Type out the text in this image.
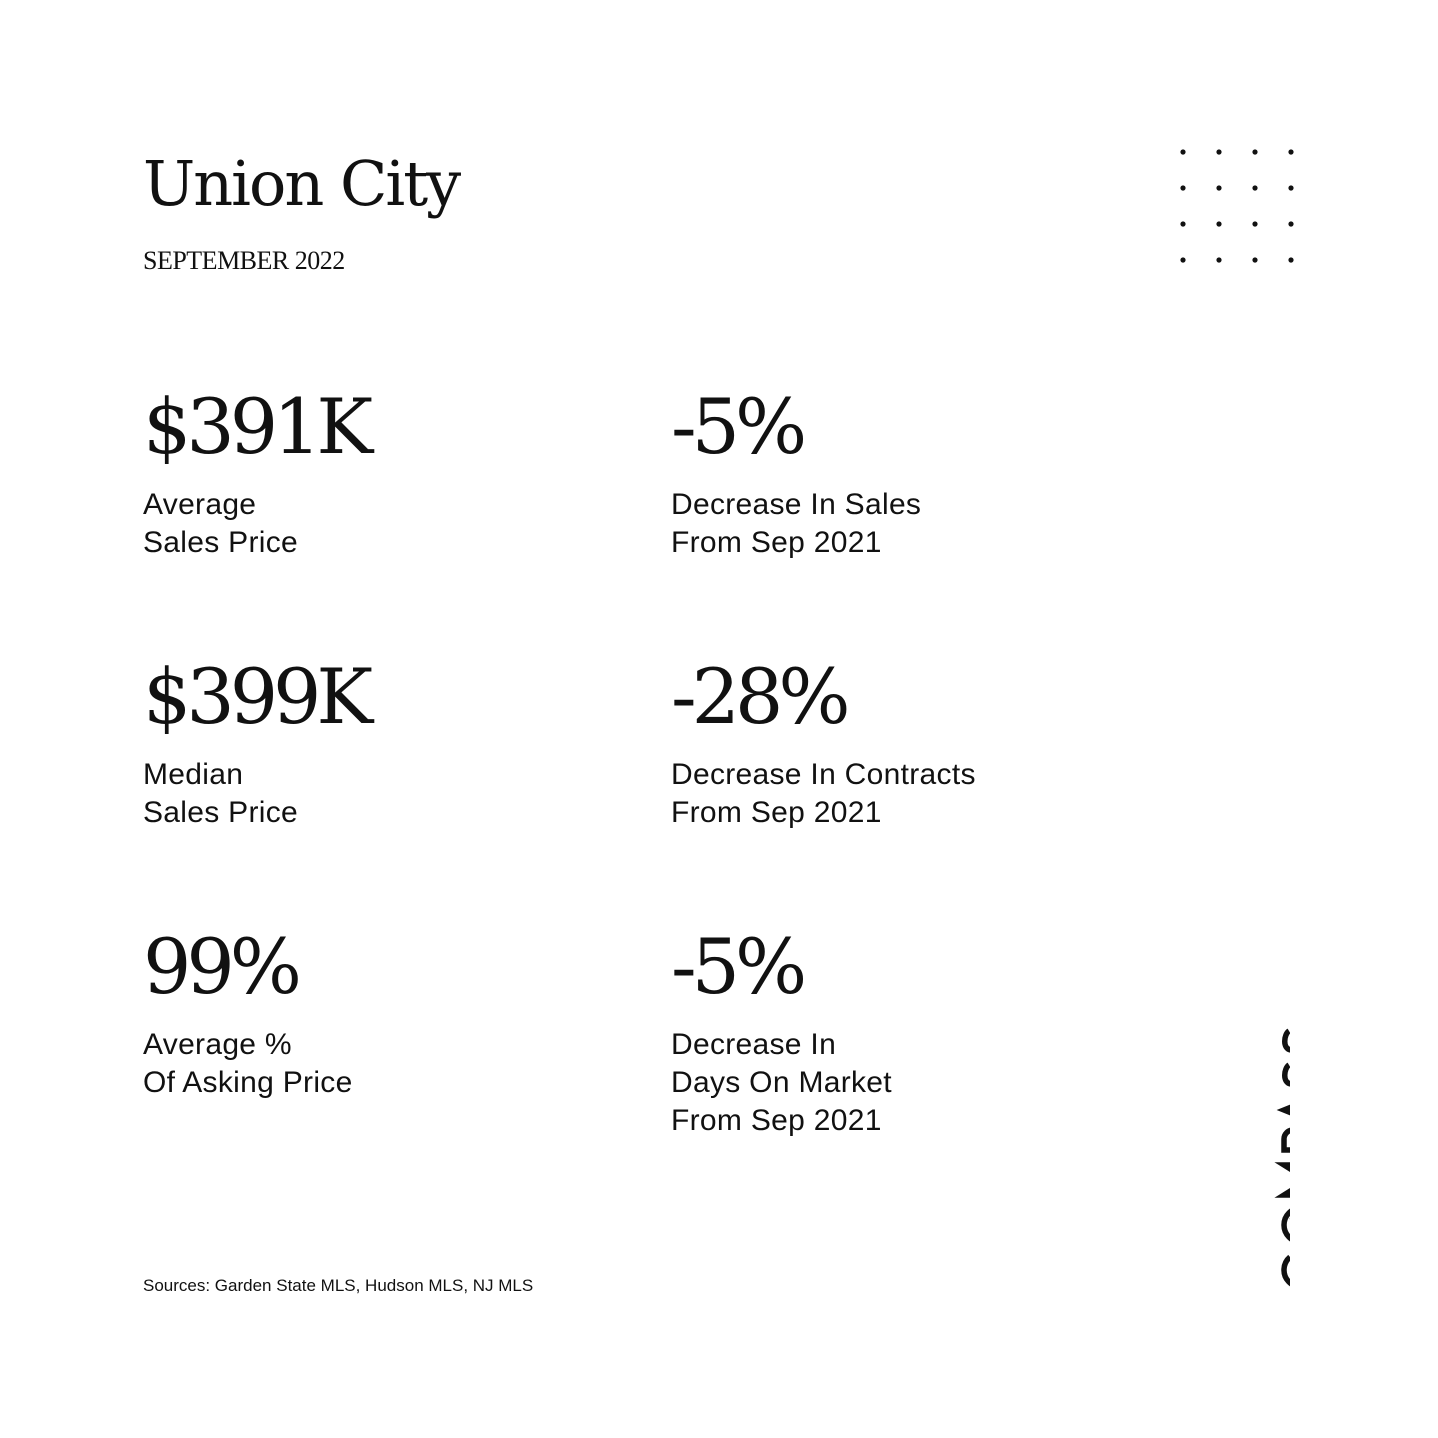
Union City

SEPTEMBER 2022

$391K

Average
Sales Price

-5%

Decrease In Sales
From Sep 2021

$399K

Median
Sales Price

-28%

Decrease In Contracts
From Sep 2021

99%

Average %
Of Asking Price

-5%

Decrease In
Days On Market
From Sep 2021

Sources: Garden State MLS, Hudson MLS, NJ MLS
